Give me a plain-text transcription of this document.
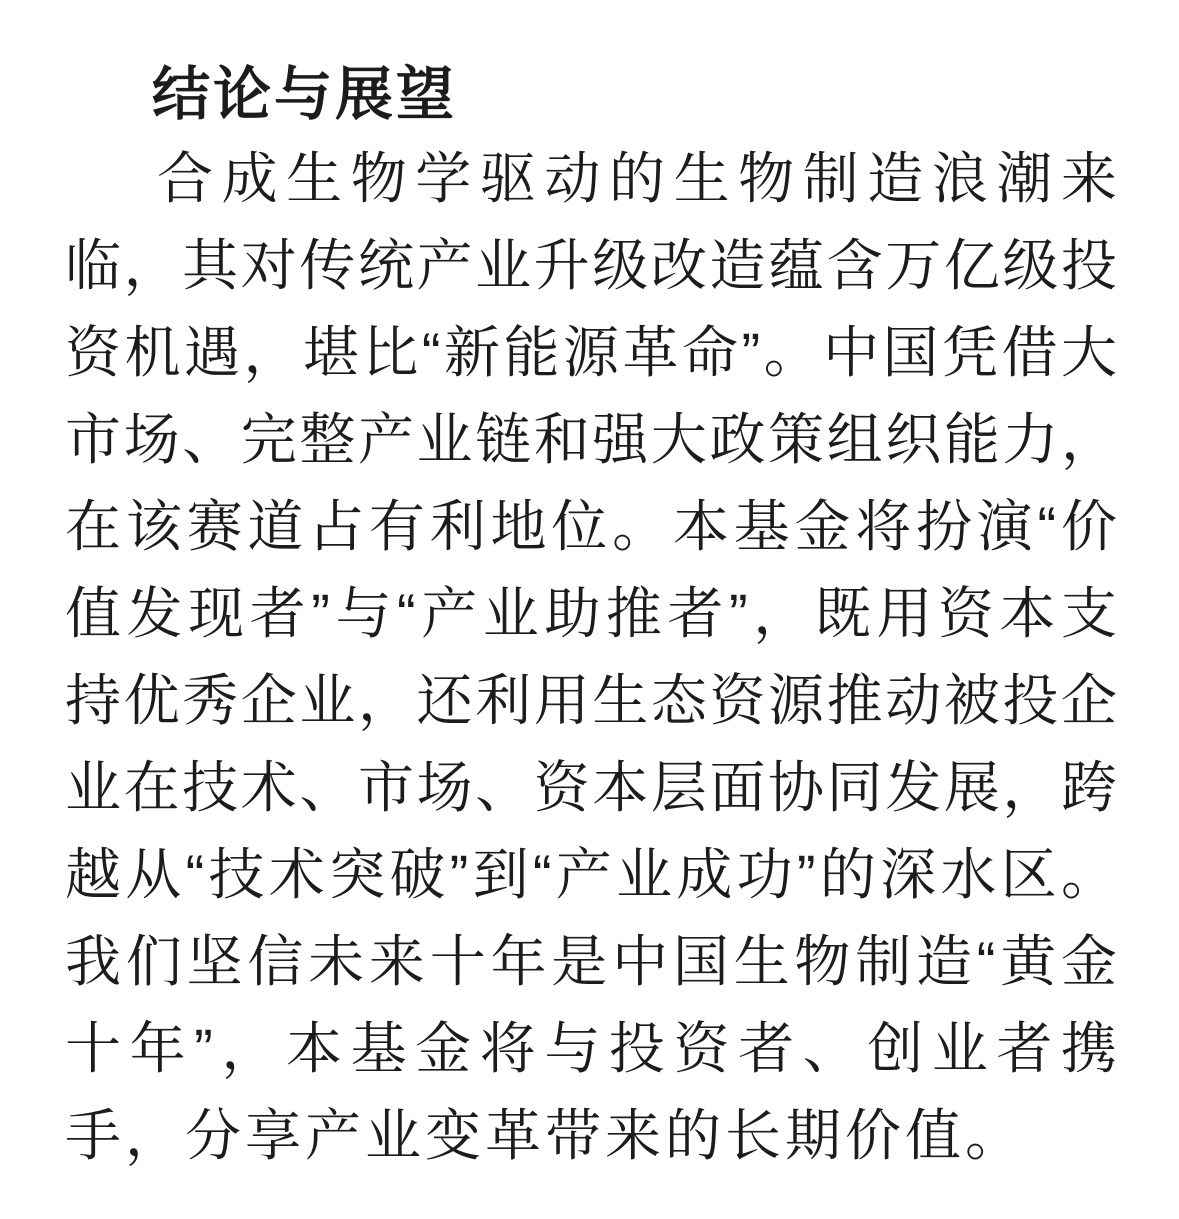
结论与展望
合成生物学驱动的生物制造浪潮来
临，其对传统产业升级改造蕴含万亿级投
资机遇，堪比“新能源革命”。中国凭借大
市场、完整产业链和强大政策组织能力，
在该赛道占有利地位。本基金将扮演“价
值发现者”与“产业助推者”，既用资本支
持优秀企业，还利用生态资源推动被投企
业在技术、市场、资本层面协同发展，跨
越从“技术突破”到“产业成功”的深水区。
我们坚信未来十年是中国生物制造“黄金
十年”，本基金将与投资者、创业者携
手，分享产业变革带来的长期价值。
